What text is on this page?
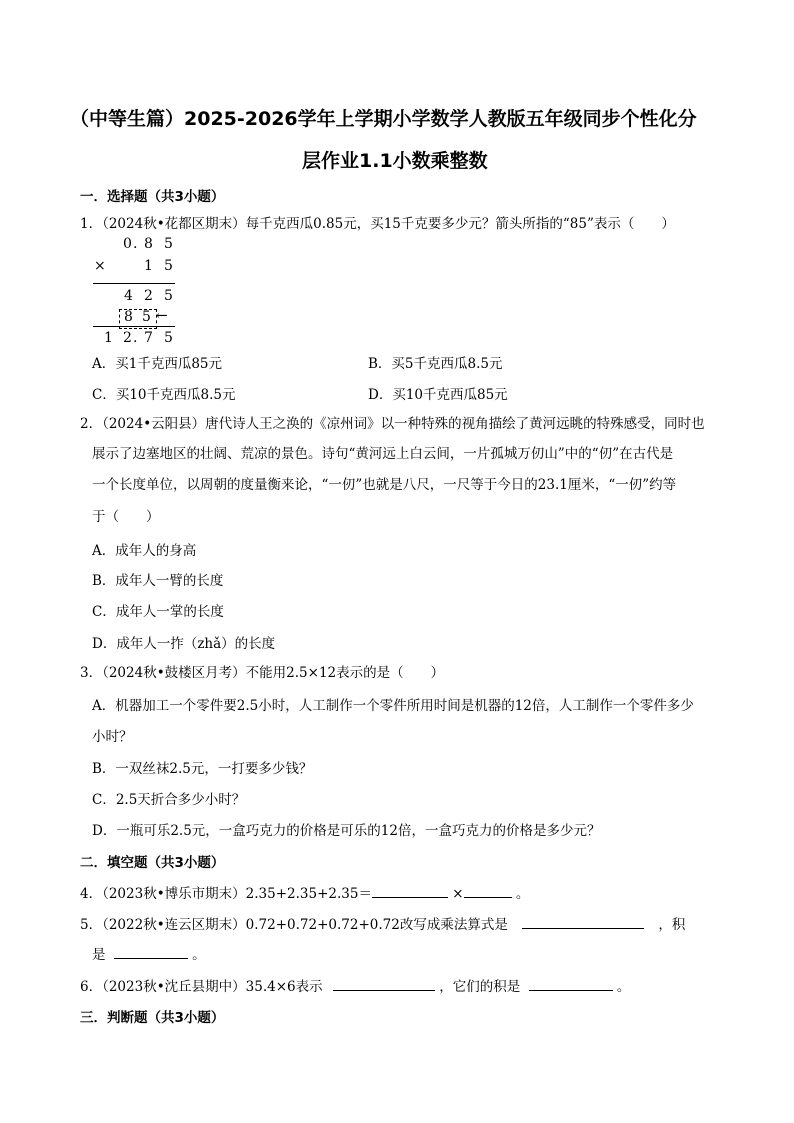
（中等生篇）2025-2026学年上学期小学数学人教版五年级同步个性化分
层作业1.1小数乘整数
一．选择题（共3小题）
1．（2024秋•花都区期末）每千克西瓜0.85元，买15千克要多少元？箭头所指的“85”表示（　　）
0 . 8 5
×	1 5
4 2 5
8 5 ←
1 2 . 7 5
A．买1千克西瓜85元	B．买5千克西瓜8.5元
C．买10千克西瓜8.5元	D．买10千克西瓜85元
2．（2024•云阳县）唐代诗人王之涣的《凉州词》以一种特殊的视角描绘了黄河远眺的特殊感受，同时也
展示了边塞地区的壮阔、荒凉的景色。诗句“黄河远上白云间，一片孤城万仞山”中的“仞”在古代是
一个长度单位，以周朝的度量衡来论，“一仞”也就是八尺，一尺等于今日的23.1厘米，“一仞”约等
于（　　）
A．成年人的身高
B．成年人一臂的长度
C．成年人一掌的长度
D．成年人一拃（zhǎ）的长度
3．（2024秋•鼓楼区月考）不能用2.5×12表示的是（　　）
A．机器加工一个零件要2.5小时，人工制作一个零件所用时间是机器的12倍，人工制作一个零件多少
小时？
B．一双丝袜2.5元，一打要多少钱？
C．2.5天折合多少小时？
D．一瓶可乐2.5元，一盒巧克力的价格是可乐的12倍，一盒巧克力的价格是多少元？
二．填空题（共3小题）
4．（2023秋•博乐市期末）2.35+2.35+2.35＝	×	。
5．（2022秋•连云区期末）0.72+0.72+0.72+0.72改写成乘法算式是	，积
是	。
6．（2023秋•沈丘县期中）35.4×6表示	，它们的积是	。
三．判断题（共3小题）
